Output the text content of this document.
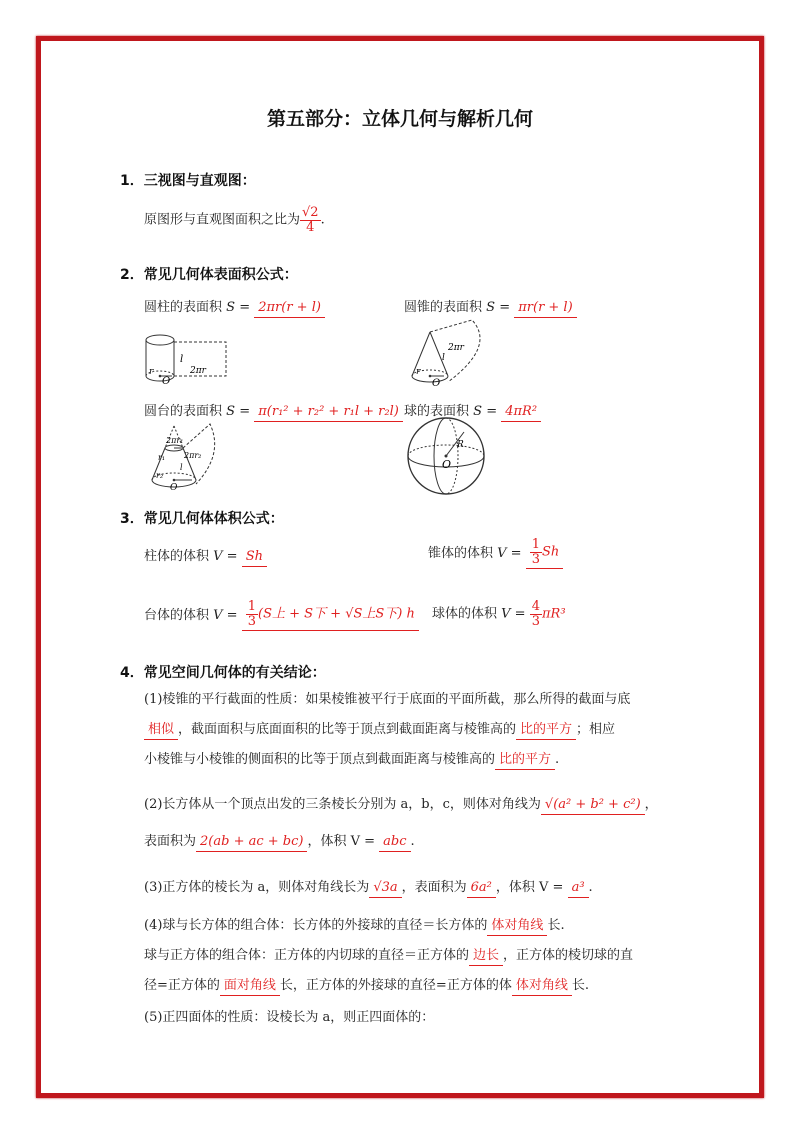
第五部分：立体几何与解析几何
1．三视图与直观图：
原图形与直观图面积之比为 $\frac{√2}{4}$ .
2．常见几何体表面积公式：
圆柱的表面积 S = 2πr(r + l)	圆锥的表面积 S = πr(r + l)
l
2πr
r
O
2πr
l
r
O
圆台的表面积 S = π(r₁² + r₂² + r₁l + r₂l) 球的表面积 S = 4πR²
2πr₁
2πr₂
r₁
r₂
l
O
R
O
3．常见几何体体积公式：
柱体的体积 V = Sh	锥体的体积 $V = \frac{1}{3}$ Sh
台体的体积 $V = \frac{1}{3} (S$上 + S下 + √S上S下) h	球体的体积 $V = \frac{4}{3} \pi R^3$
4．常见空间几何体的有关结论：
(1)棱锥的平行截面的性质：如果棱锥被平行于底面的平面所截，那么所得的截面与底
相似 ，截面面积与底面面积的比等于顶点到截面距离与棱锥高的 比的平方 ；相应
小棱锥与小棱锥的侧面积的比等于顶点到截面距离与棱锥高的 比的平方 .
(2)长方体从一个顶点出发的三条棱长分别为 a，b，c，则体对角线为 √(a² + b² + c²) ，
表面积为 2(ab + ac + bc) ，体积 V = abc .
(3)正方体的棱长为 a，则体对角线长为 √3a ，表面积为 6a² ，体积 V = a³ .
(4)球与长方体的组合体：长方体的外接球的直径＝长方体的 体对角线 长.
球与正方体的组合体：正方体的内切球的直径＝正方体的 边长 ，正方体的棱切球的直
径=正方体的 面对角线 长，正方体的外接球的直径=正方体的体 体对角线 长.
(5)正四面体的性质：设棱长为 a，则正四面体的：
